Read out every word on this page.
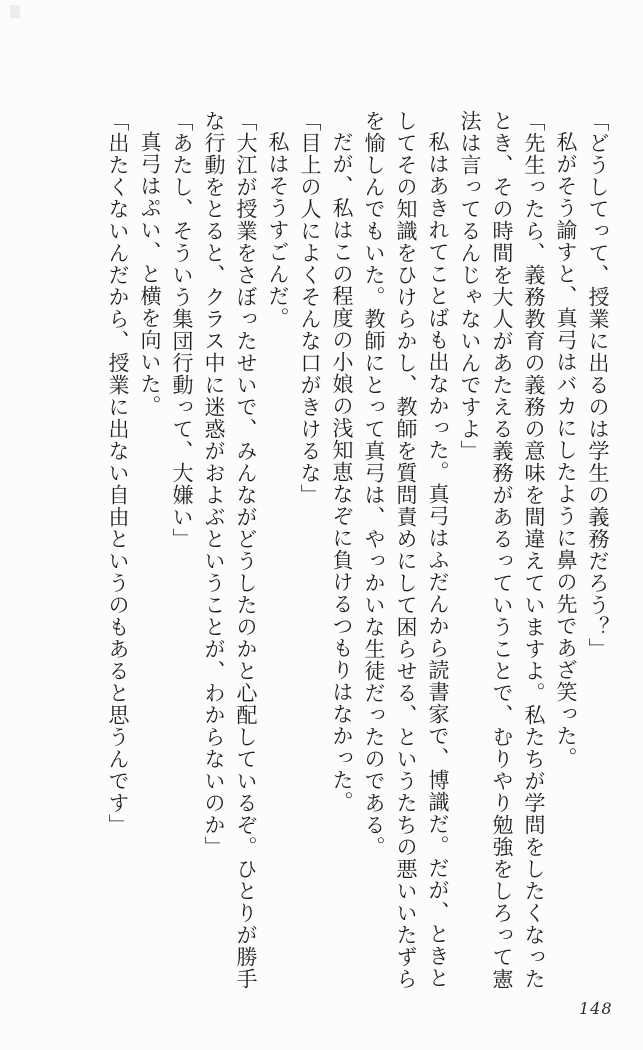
「どうしてって、授業に出るのは学生の義務だろう？」

私がそう諭すと、真弓はバカにしたように鼻の先であざ笑った。

「先生ったら、義務教育の義務の意味を間違えていますよ。私たちが学問をしたくなったとき、その時間を大人があたえる義務があるっていうことで、むりやり勉強をしろって憲法は言ってるんじゃないんですよ」

私はあきれてことばも出なかった。真弓はふだんから読書家で、博識だ。だが、ときとしてその知識をひけらかし、教師を質問責めにして困らせる、というたちの悪いいたずらを愉しんでもいた。教師にとって真弓は、やっかいな生徒だったのである。

だが、私はこの程度の小娘の浅知恵なぞに負けるつもりはなかった。

「目上の人によくそんな口がきけるな」

私はそうすごんだ。

「大江が授業をさぼったせいで、みんながどうしたのかと心配しているぞ。ひとりが勝手な行動をとると、クラス中に迷惑がおよぶということが、わからないのか」

「あたし、そういう集団行動って、大嫌い」

真弓はぷい、と横を向いた。

「出たくないんだから、授業に出ない自由というのもあると思うんです」

148
